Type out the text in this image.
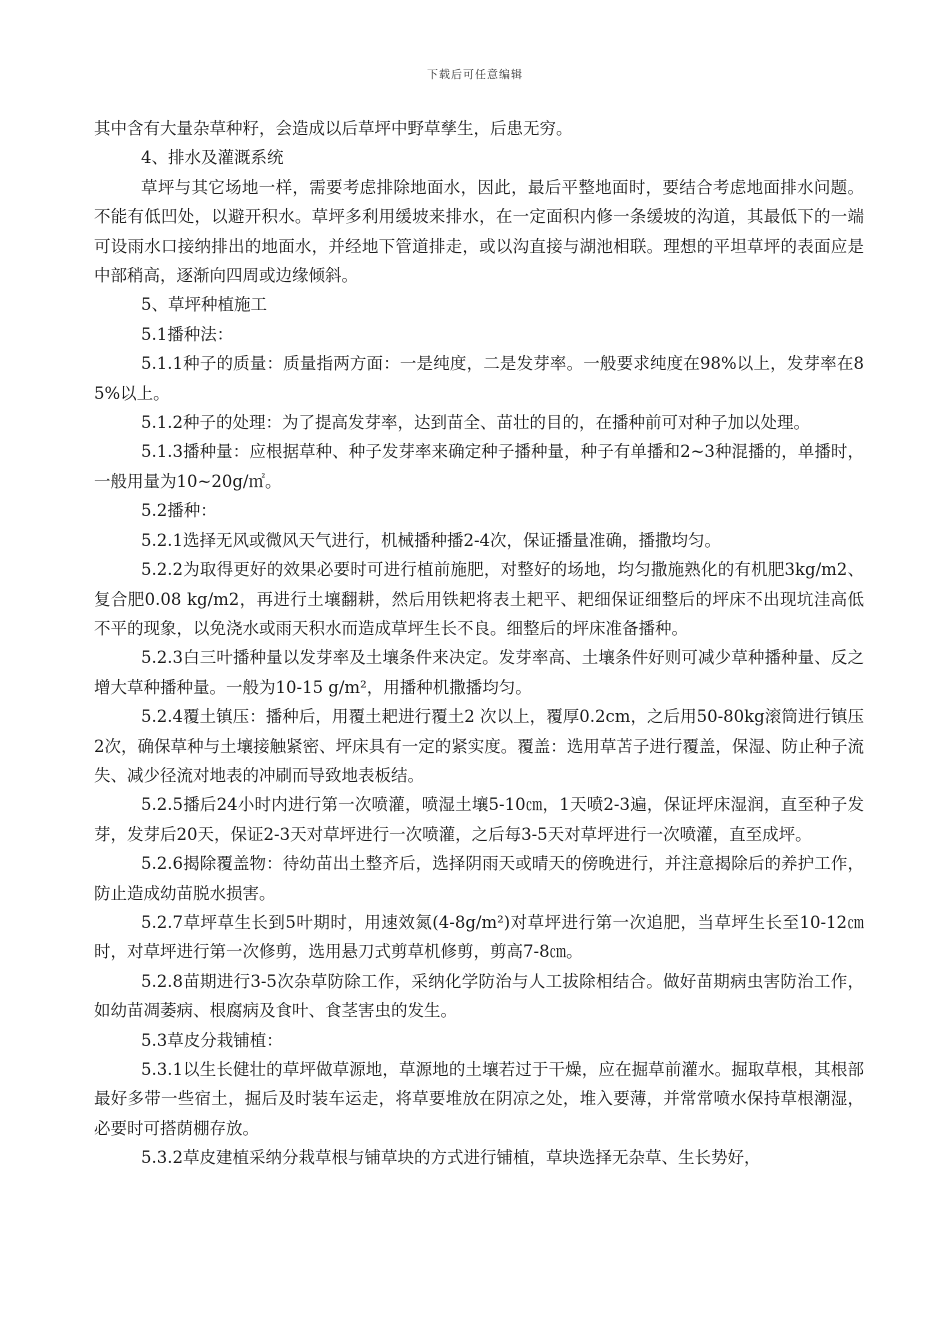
下载后可任意编辑

其中含有大量杂草种籽，会造成以后草坪中野草孳生，后患无穷。

4、排水及灌溉系统

草坪与其它场地一样，需要考虑排除地面水，因此，最后平整地面时，要结合考虑地面排水问题。不能有低凹处，以避开积水。草坪多利用缓坡来排水，在一定面积内修一条缓坡的沟道，其最低下的一端可设雨水口接纳排出的地面水，并经地下管道排走，或以沟直接与湖池相联。理想的平坦草坪的表面应是中部稍高，逐渐向四周或边缘倾斜。

5、草坪种植施工

5.1播种法：

5.1.1种子的质量：质量指两方面：一是纯度，二是发芽率。一般要求纯度在98%以上，发芽率在85%以上。

5.1.2种子的处理：为了提高发芽率，达到苗全、苗壮的目的，在播种前可对种子加以处理。

5.1.3播种量：应根据草种、种子发芽率来确定种子播种量，种子有单播和2~3种混播的，单播时，一般用量为10~20g/㎡。

5.2播种：

5.2.1选择无风或微风天气进行，机械播种播2-4次，保证播量准确，播撒均匀。

5.2.2为取得更好的效果必要时可进行植前施肥，对整好的场地，均匀撒施熟化的有机肥3kg/m2、复合肥0.08 kg/m2，再进行土壤翻耕，然后用铁耙将表土耙平、耙细保证细整后的坪床不出现坑洼高低不平的现象，以免浇水或雨天积水而造成草坪生长不良。细整后的坪床准备播种。

5.2.3白三叶播种量以发芽率及土壤条件来决定。发芽率高、土壤条件好则可减少草种播种量、反之增大草种播种量。一般为10-15 g/m²，用播种机撒播均匀。

5.2.4覆土镇压：播种后，用覆土耙进行覆土2 次以上，覆厚0.2cm，之后用50-80kg滚筒进行镇压2次，确保草种与土壤接触紧密、坪床具有一定的紧实度。覆盖：选用草苫子进行覆盖，保湿、防止种子流失、减少径流对地表的冲刷而导致地表板结。

5.2.5播后24小时内进行第一次喷灌，喷湿土壤5-10㎝，1天喷2-3遍，保证坪床湿润，直至种子发芽，发芽后20天，保证2-3天对草坪进行一次喷灌，之后每3-5天对草坪进行一次喷灌，直至成坪。

5.2.6揭除覆盖物：待幼苗出土整齐后，选择阴雨天或晴天的傍晚进行，并注意揭除后的养护工作，防止造成幼苗脱水损害。

5.2.7草坪草生长到5叶期时，用速效氮(4-8g/m²)对草坪进行第一次追肥，当草坪生长至10-12㎝时，对草坪进行第一次修剪，选用悬刀式剪草机修剪，剪高7-8㎝。

5.2.8苗期进行3-5次杂草防除工作，采纳化学防治与人工拔除相结合。做好苗期病虫害防治工作，如幼苗凋萎病、根腐病及食叶、食茎害虫的发生。

5.3草皮分栽铺植：

5.3.1以生长健壮的草坪做草源地，草源地的土壤若过于干燥，应在掘草前灌水。掘取草根，其根部最好多带一些宿土，掘后及时装车运走，将草要堆放在阴凉之处，堆入要薄，并常常喷水保持草根潮湿，必要时可搭荫棚存放。

5.3.2草皮建植采纳分栽草根与铺草块的方式进行铺植，草块选择无杂草、生长势好，
